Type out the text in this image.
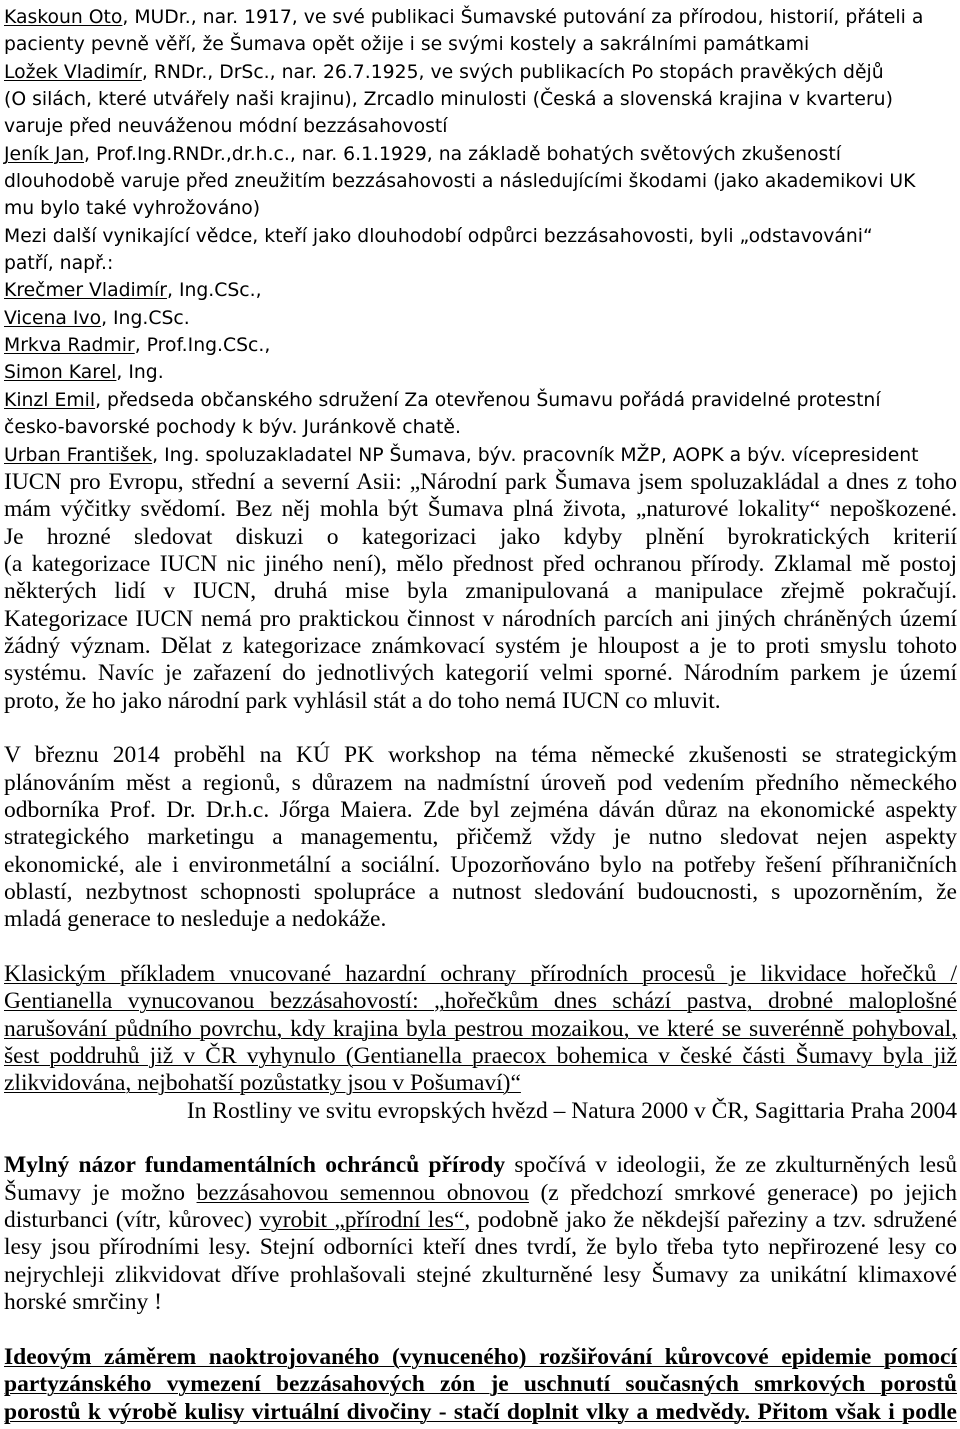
Kaskoun Oto, MUDr., nar. 1917, ve své publikaci Šumavské putování za přírodou, historií, přáteli a
pacienty pevně věří, že Šumava opět ožije i se svými kostely a sakrálními památkami
Ložek Vladimír, RNDr., DrSc., nar. 26.7.1925, ve svých publikacích Po stopách pravěkých dějů
(O silách, které utvářely naši krajinu), Zrcadlo minulosti (Česká a slovenská krajina v kvarteru)
varuje před neuváženou módní bezzásahovostí
Jeník Jan, Prof.Ing.RNDr.,dr.h.c., nar. 6.1.1929, na základě bohatých světových zkušeností
dlouhodobě varuje před zneužitím bezzásahovosti a následujícími škodami (jako akademikovi UK
mu bylo také vyhrožováno)
Mezi další vynikající vědce, kteří jako dlouhodobí odpůrci bezzásahovosti, byli „odstavováni“
patří, např.:
Krečmer Vladimír, Ing.CSc.,
Vicena Ivo, Ing.CSc.
Mrkva Radmir, Prof.Ing.CSc.,
Simon Karel, Ing.
Kinzl Emil, předseda občanského sdružení Za otevřenou Šumavu pořádá pravidelné protestní
česko-bavorské pochody k býv. Juránkově chatě.
Urban František, Ing. spoluzakladatel NP Šumava, býv. pracovník MŽP, AOPK a býv. vícepresident
IUCN pro Evropu, střední a severní Asii: „Národní park Šumava jsem spoluzakládal a dnes z toho
mám výčitky svědomí. Bez něj mohla být Šumava plná života, „naturové lokality“ nepoškozené.
Je hrozné sledovat diskuzi o kategorizaci jako kdyby plnění byrokratických kriterií
(a kategorizace IUCN nic jiného není), mělo přednost před ochranou přírody. Zklamal mě postoj
některých lidí v IUCN, druhá mise byla zmanipulovaná a manipulace zřejmě pokračují.
Kategorizace IUCN nemá pro praktickou činnost v národních parcích ani jiných chráněných území
žádný význam. Dělat z kategorizace známkovací systém je hloupost a je to proti smyslu tohoto
systému. Navíc je zařazení do jednotlivých kategorií velmi sporné. Národním parkem je území
proto, že ho jako národní park vyhlásil stát a do toho nemá IUCN co mluvit.
V březnu 2014 proběhl na KÚ PK workshop na téma německé zkušenosti se strategickým
plánováním měst a regionů, s důrazem na nadmístní úroveň pod vedením předního německého
odborníka Prof. Dr. Dr.h.c. Jőrga Maiera. Zde byl zejména dáván důraz na ekonomické aspekty
strategického marketingu a managementu, přičemž vždy je nutno sledovat nejen aspekty
ekonomické, ale i environmetální a sociální. Upozorňováno bylo na potřeby řešení příhraničních
oblastí, nezbytnost schopnosti spolupráce a nutnost sledování budoucnosti, s upozorněním, že
mladá generace to nesleduje a nedokáže.
Klasickým příkladem vnucované hazardní ochrany přírodních procesů je likvidace hořečků /
Gentianella vynucovanou bezzásahovostí: „hořečkům dnes schází pastva, drobné maloplošné
narušování půdního povrchu, kdy krajina byla pestrou mozaikou, ve které se suverénně pohyboval,
šest poddruhů již v ČR vyhynulo (Gentianella praecox bohemica v české části Šumavy byla již
zlikvidována, nejbohatší pozůstatky jsou v Pošumaví)“
In Rostliny ve svitu evropských hvězd – Natura 2000 v ČR, Sagittaria Praha 2004
Mylný názor fundamentálních ochránců přírody spočívá v ideologii, že ze zkulturněných lesů
Šumavy je možno bezzásahovou semennou obnovou (z předchozí smrkové generace) po jejich
disturbanci (vítr, kůrovec) vyrobit „přírodní les“, podobně jako že někdejší pařeziny a tzv. sdružené
lesy jsou přírodními lesy. Stejní odborníci kteří dnes tvrdí, že bylo třeba tyto nepřirozené lesy co
nejrychleji zlikvidovat dříve prohlašovali stejné zkulturněné lesy Šumavy za unikátní klimaxové
horské smrčiny !
Ideovým záměrem naoktrojovaného (vynuceného) rozšiřování kůrovcové epidemie pomocí
partyzánského vymezení bezzásahových zón je uschnutí současných smrkových porostů
porostů k výrobě kulisy virtuální divočiny - stačí doplnit vlky a medvědy. Přitom však i podle
